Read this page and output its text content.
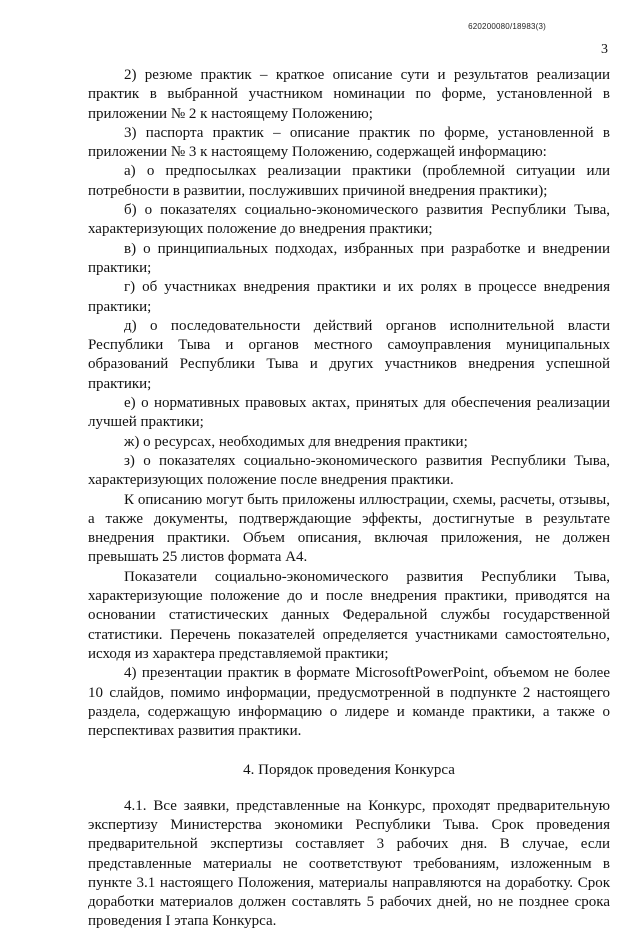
620200080/18983(3)
3

2) резюме практик – краткое описание сути и результатов реализации практик в выбранной участником номинации по форме, установленной в приложении № 2 к настоящему Положению;

3) паспорта практик – описание практик по форме, установленной в приложении № 3 к настоящему Положению, содержащей информацию:

а) о предпосылках реализации практики (проблемной ситуации или потребности в развитии, послуживших причиной внедрения практики);

б) о показателях социально-экономического развития Республики Тыва, характеризующих положение до внедрения практики;

в) о принципиальных подходах, избранных при разработке и внедрении практики;

г) об участниках внедрения практики и их ролях в процессе внедрения практики;

д) о последовательности действий органов исполнительной власти Республики Тыва и органов местного самоуправления муниципальных образований Республики Тыва и других участников внедрения успешной практики;

е) о нормативных правовых актах, принятых для обеспечения реализации лучшей практики;

ж) о ресурсах, необходимых для внедрения практики;

з) о показателях социально-экономического развития Республики Тыва, характеризующих положение после внедрения практики.

К описанию могут быть приложены иллюстрации, схемы, расчеты, отзывы, а также документы, подтверждающие эффекты, достигнутые в результате внедрения практики. Объем описания, включая приложения, не должен превышать 25 листов формата А4.

Показатели социально-экономического развития Республики Тыва, характеризующие положение до и после внедрения практики, приводятся на основании статистических данных Федеральной службы государственной статистики. Перечень показателей определяется участниками самостоятельно, исходя из характера представляемой практики;

4) презентации практик в формате MicrosoftPowerPoint, объемом не более 10 слайдов, помимо информации, предусмотренной в подпункте 2 настоящего раздела, содержащую информацию о лидере и команде практики, а также о перспективах развития практики.

4. Порядок проведения Конкурса

4.1. Все заявки, представленные на Конкурс, проходят предварительную экспертизу Министерства экономики Республики Тыва. Срок проведения предварительной экспертизы составляет 3 рабочих дня. В случае, если представленные материалы не соответствуют требованиям, изложенным в пункте 3.1 настоящего Положения, материалы направляются на доработку. Срок доработки материалов должен составлять 5 рабочих дней, но не позднее срока проведения I этапа Конкурса.
